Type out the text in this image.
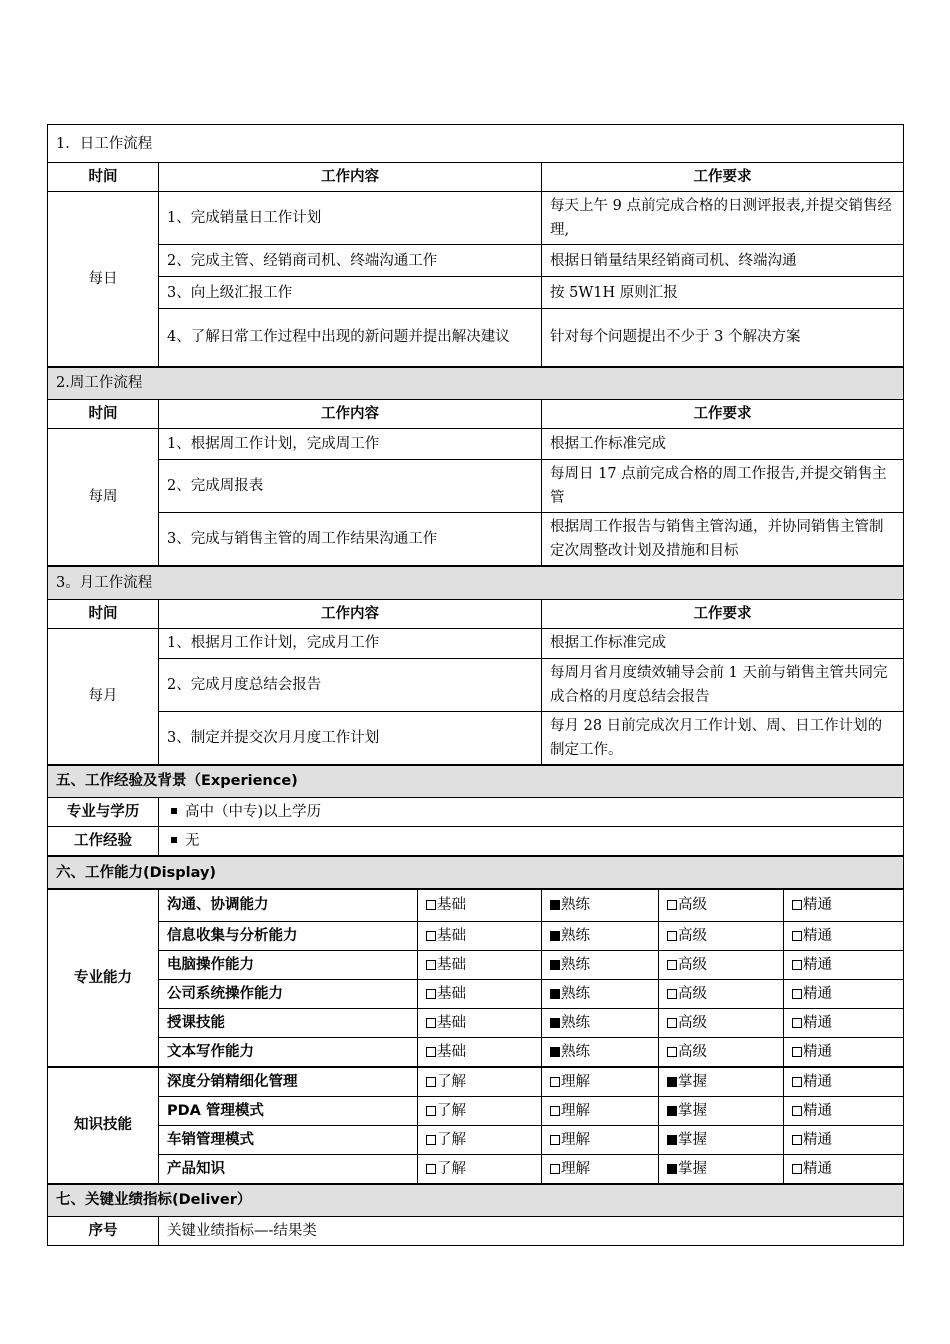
1．日工作流程					
时间	工作内容		工作要求		
每日	1、完成销量日工作计划		每天上午 9 点前完成合格的日测评报表,并提交销售经理,		
	2、完成主管、经销商司机、终端沟通工作		根据日销量结果经销商司机、终端沟通		
	3、向上级汇报工作		按 5W1H 原则汇报		

	4、了解日常工作过程中出现的新问题并提出解决建议		针对每个问题提出不少于 3 个解决方案		
2.周工作流程					
时间	工作内容		工作要求		
每周	1、根据周工作计划，完成周工作		根据工作标准完成		
	2、完成周报表		每周日 17 点前完成合格的周工作报告,并提交销售主管		
	3、完成与销售主管的周工作结果沟通工作		根据周工作报告与销售主管沟通，并协同销售主管制定次周整改计划及措施和目标		
3。月工作流程					
时间	工作内容		工作要求		
每月	1、根据月工作计划，完成月工作		根据工作标准完成		
	2、完成月度总结会报告		每周月省月度绩效辅导会前 1 天前与销售主管共同完成合格的月度总结会报告		
	3、制定并提交次月月度工作计划		每月 28 日前完成次月工作计划、周、日工作计划的制定工作。		
五、工作经验及背景（Experience)					
专业与学历	高中（中专)以上学历				
工作经验	无				
六、工作能力(Display)					
专业能力	沟通、协调能力	基础	熟练	高级	精通
	信息收集与分析能力	基础	熟练	高级	精通
	电脑操作能力	基础	熟练	高级	精通
	公司系统操作能力	基础	熟练	高级	精通
	授课技能	基础	熟练	高级	精通
	文本写作能力	基础	熟练	高级	精通
知识技能	深度分销精细化管理	了解	理解	掌握	精通
	PDA 管理模式	了解	理解	掌握	精通
	车销管理模式	了解	理解	掌握	精通
	产品知识	了解	理解	掌握	精通
七、关键业绩指标(Deliver）					
序号	关键业绩指标—-结果类				
